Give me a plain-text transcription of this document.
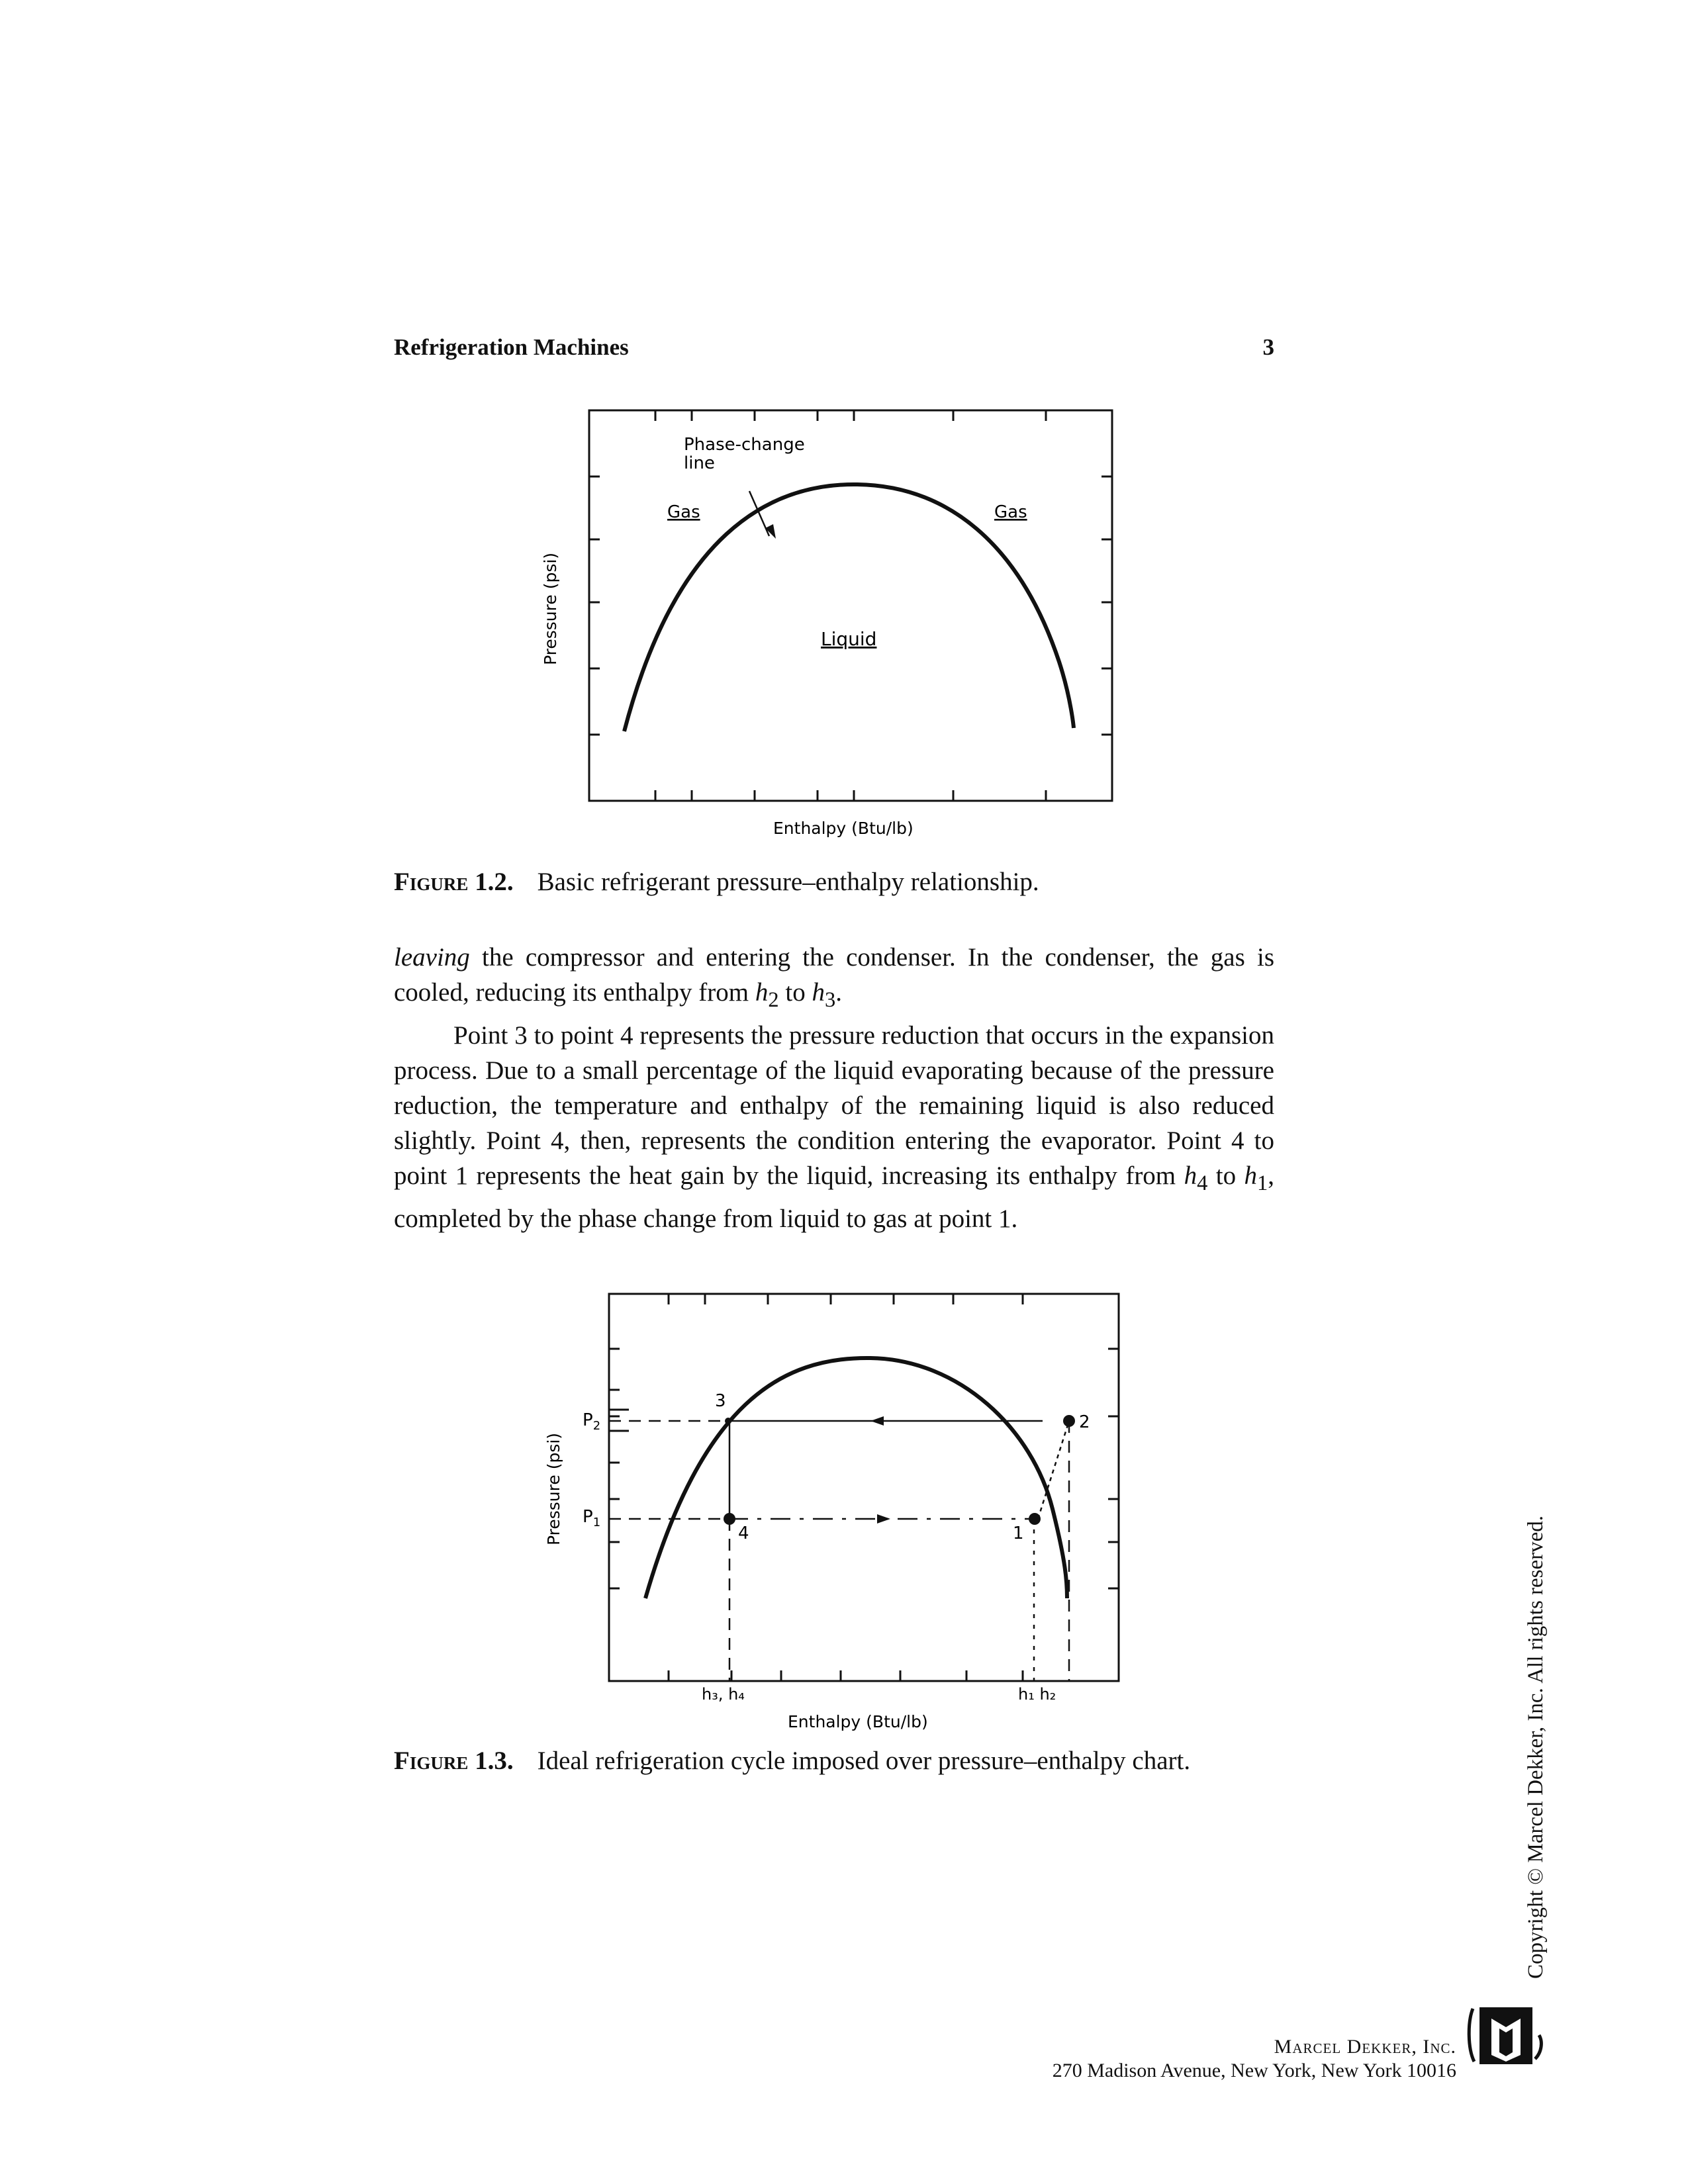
Refrigeration Machines	3
Phase-change
line
Gas	Gas
Liquid
Enthalpy (Btu/lb)
Pressure (psi)
Figure 1.2. Basic refrigerant pressure–enthalpy relationship.

leaving the compressor and entering the condenser. In the condenser, the gas is cooled, reducing its enthalpy from $h_2$ to $h_3$.

Point 3 to point 4 represents the pressure reduction that occurs in the expansion process. Due to a small percentage of the liquid evaporating because of the pressure reduction, the temperature and enthalpy of the remaining liquid is also reduced slightly. Point 4, then, represents the condition entering the evaporator. Point 4 to point 1 represents the heat gain by the liquid, increasing its enthalpy from $h_4$ to $h_1$, completed by the phase change from liquid to gas at point 1.

3
2
4	1
$P_2$
$P_1$
h₃, h₄	h₁ h₂
Enthalpy (Btu/lb)
Pressure (psi)
Figure 1.3. Ideal refrigeration cycle imposed over pressure–enthalpy chart.	Copyright © Marcel Dekker, Inc. All rights reserved.
Marcel Dekker, Inc.
270 Madison Avenue, New York, New York 10016
